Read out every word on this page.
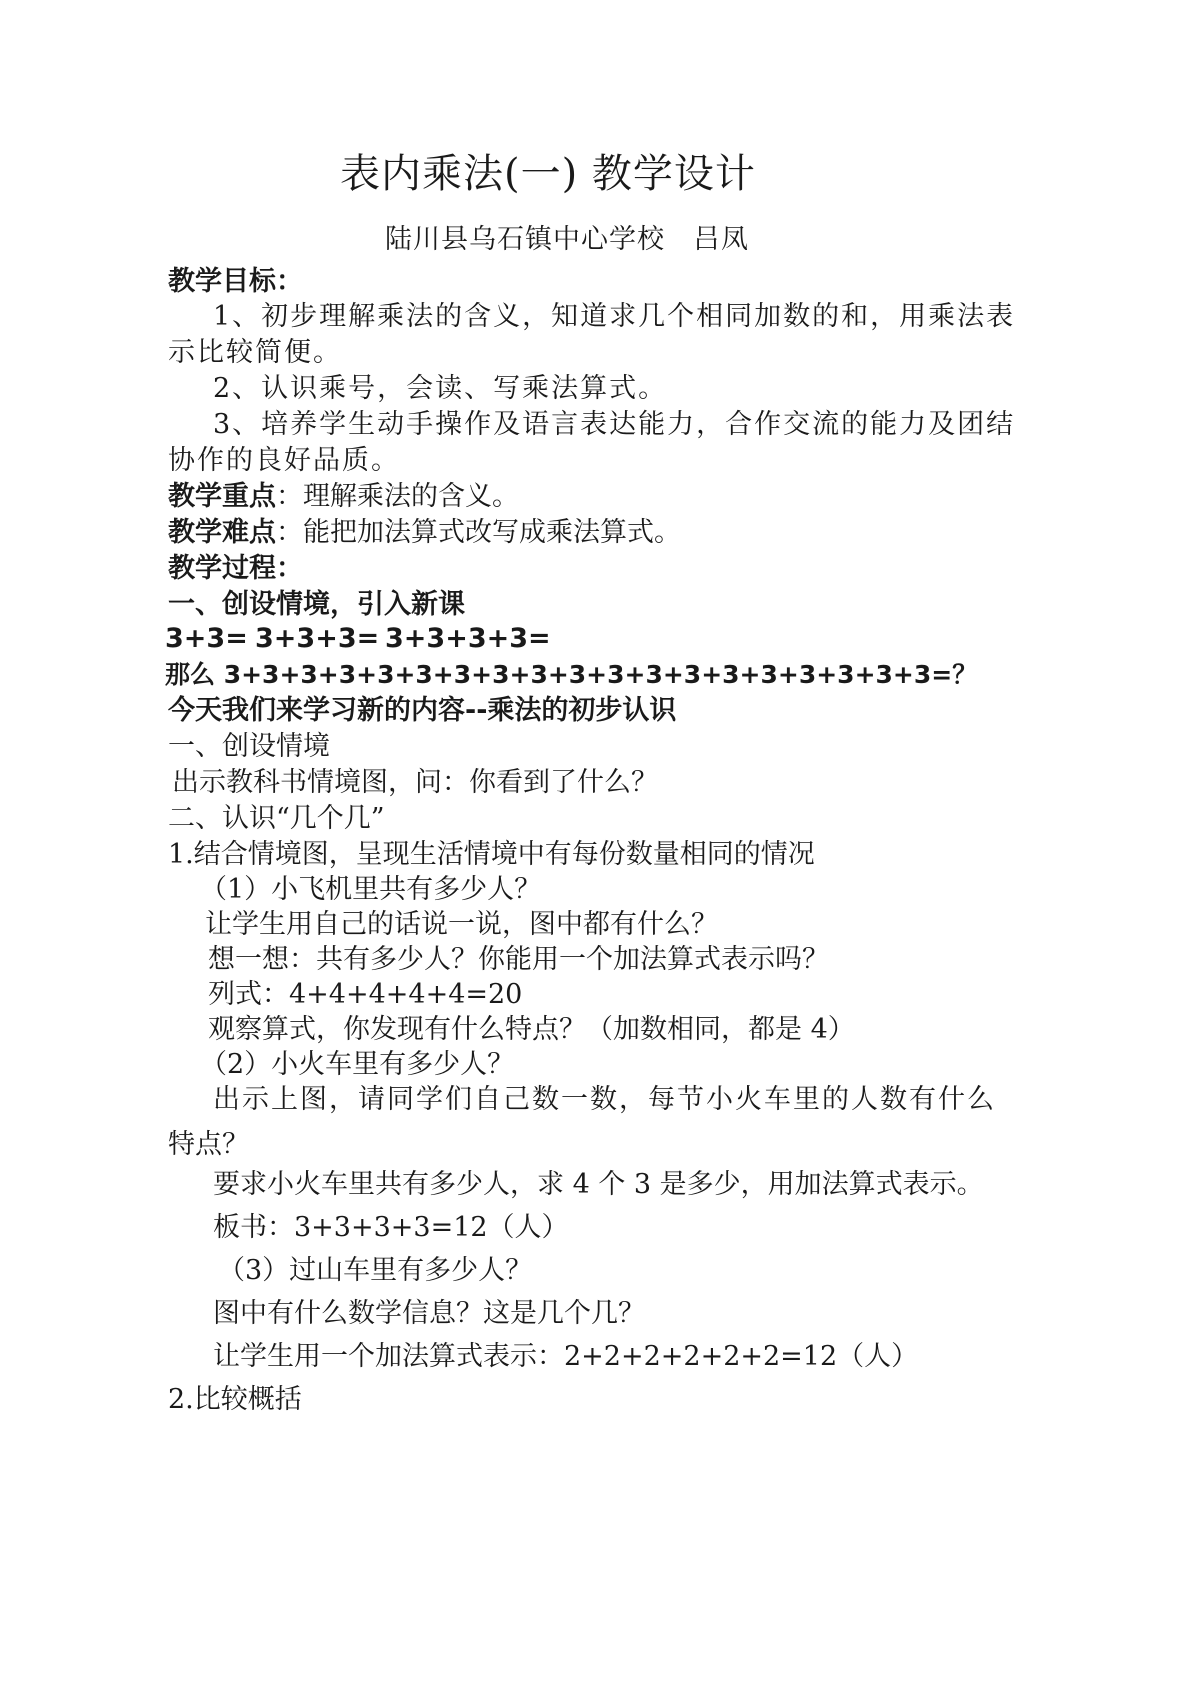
表内乘法(一) 教学设计
陆川县乌石镇中心学校　吕凤
教学目标：
1、初步理解乘法的含义，知道求几个相同加数的和，用乘法表
示比较简便。
2、认识乘号，会读、写乘法算式。
3、培养学生动手操作及语言表达能力，合作交流的能力及团结
协作的良好品质。
教学重点：理解乘法的含义。
教学难点：能把加法算式改写成乘法算式。
教学过程：
一、创设情境，引入新课
3+3= 3+3+3= 3+3+3+3=
那么 3+3+3+3+3+3+3+3+3+3+3+3+3+3+3+3+3+3+3=？
今天我们来学习新的内容--乘法的初步认识
一、创设情境
出示教科书情境图，问：你看到了什么？
二、认识“几个几”
1.结合情境图，呈现生活情境中有每份数量相同的情况
（1）小飞机里共有多少人？
让学生用自己的话说一说，图中都有什么？
想一想：共有多少人？你能用一个加法算式表示吗？
列式：4+4+4+4+4=20
观察算式，你发现有什么特点？（加数相同，都是 4）
（2）小火车里有多少人？
出示上图，请同学们自己数一数，每节小火车里的人数有什么
特点？
要求小火车里共有多少人，求 4 个 3 是多少，用加法算式表示。
板书：3+3+3+3=12（人）
（3）过山车里有多少人？
图中有什么数学信息？这是几个几？
让学生用一个加法算式表示：2+2+2+2+2+2=12（人）
2.比较概括
